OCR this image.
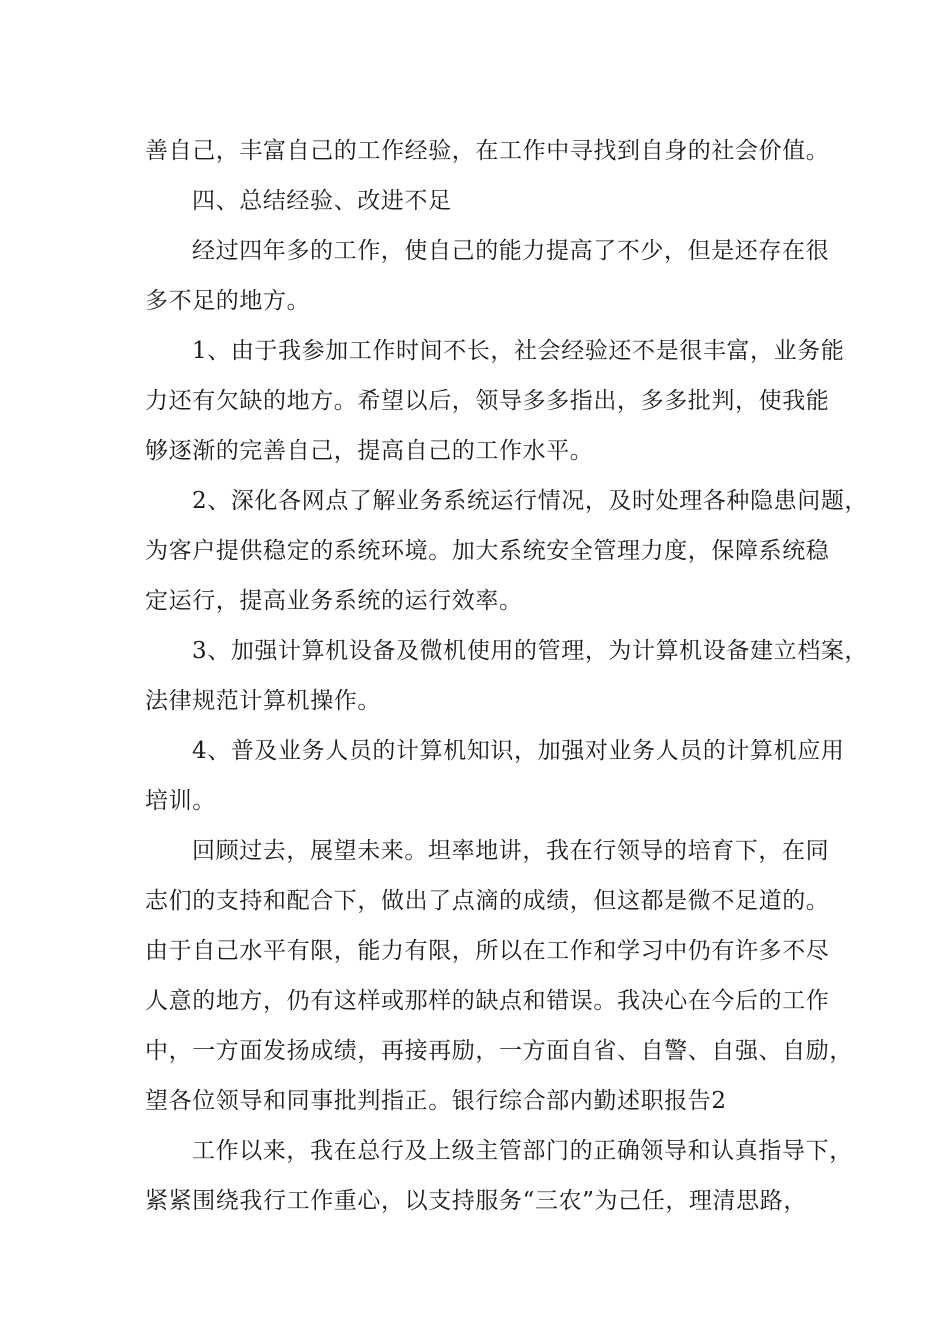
善自己，丰富自己的工作经验，在工作中寻找到自身的社会价值。

四、总结经验、改进不足

经过四年多的工作，使自己的能力提高了不少，但是还存在很

多不足的地方。

1、由于我参加工作时间不长，社会经验还不是很丰富，业务能

力还有欠缺的地方。希望以后，领导多多指出，多多批判，使我能

够逐渐的完善自己，提高自己的工作水平。

2、深化各网点了解业务系统运行情况，及时处理各种隐患问题，

为客户提供稳定的系统环境。加大系统安全管理力度，保障系统稳

定运行，提高业务系统的运行效率。

3、加强计算机设备及微机使用的管理，为计算机设备建立档案，

法律规范计算机操作。

4、普及业务人员的计算机知识，加强对业务人员的计算机应用

培训。

回顾过去，展望未来。坦率地讲，我在行领导的培育下，在同

志们的支持和配合下，做出了点滴的成绩，但这都是微不足道的。

由于自己水平有限，能力有限，所以在工作和学习中仍有许多不尽

人意的地方，仍有这样或那样的缺点和错误。我决心在今后的工作

中，一方面发扬成绩，再接再励，一方面自省、自警、自强、自励，

望各位领导和同事批判指正。银行综合部内勤述职报告2

工作以来，我在总行及上级主管部门的正确领导和认真指导下，

紧紧围绕我行工作重心，以支持服务“三农”为己任，理清思路，
